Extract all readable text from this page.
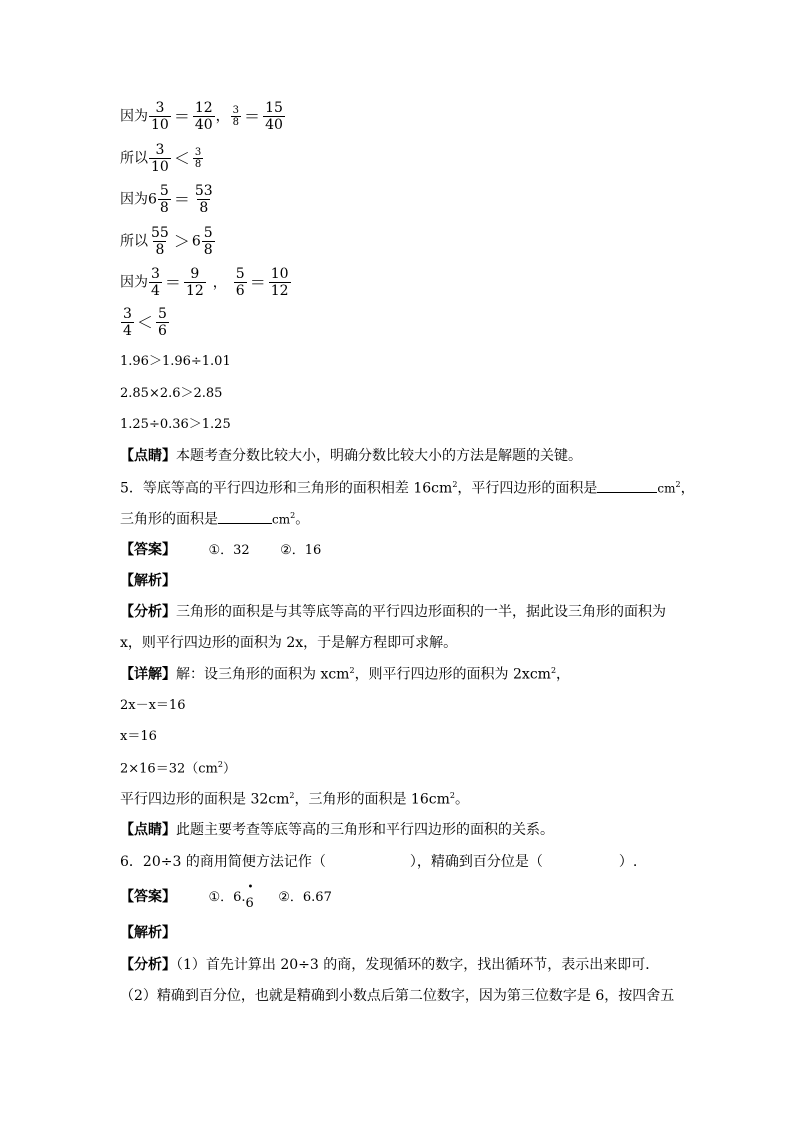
因为 $\frac{3}{10} = \frac{12}{40}$ ， $\frac{3}{8} = \frac{15}{40}$
所以 $\frac{3}{10} < \frac{3}{8}$
因为$6 \frac{5}{8} = \frac{53}{8}$
所以 $\frac{55}{8} > 6 \frac{5}{8}$
因为 $\frac{3}{4} = \frac{9}{12}$ ， $\frac{5}{6} = \frac{10}{12}$
$\frac{3}{4} < \frac{5}{6}$
1.96＞1.96÷1.01
2.85×2.6＞2.85
1.25÷0.36＞1.25
【点睛】本题考查分数比较大小，明确分数比较大小的方法是解题的关键。
5．等底等高的平行四边形和三角形的面积相差 $16cm^2$，平行四边形的面积是	$cm^2$，
三角形的面积是	$cm^2$。
【答案】 ①．32 ②．16
【解析】
【分析】三角形的面积是与其等底等高的平行四边形面积的一半，据此设三角形的面积为
x，则平行四边形的面积为 2x，于是解方程即可求解。
【详解】解：设三角形的面积为 xcm$^2$，则平行四边形的面积为 2xcm$^2$，
2x－x＝16
x＝16
$2\times 16=32(cm^2)$
平行四边形的面积是 $32cm^2$，三角形的面积是 $16cm^2$。
【点睛】此题主要考查等底等高的三角形和平行四边形的面积的关系。
6．20÷3 的商用简便方法记作（	），精确到百分位是（	）.
【答案】 ①．6.
•
6 ②．6.67
【解析】
【分析】（1）首先计算出 20÷3 的商，发现循环的数字，找出循环节，表示出来即可．
（2）精确到百分位，也就是精确到小数点后第二位数字，因为第三位数字是 6，按四舍五
